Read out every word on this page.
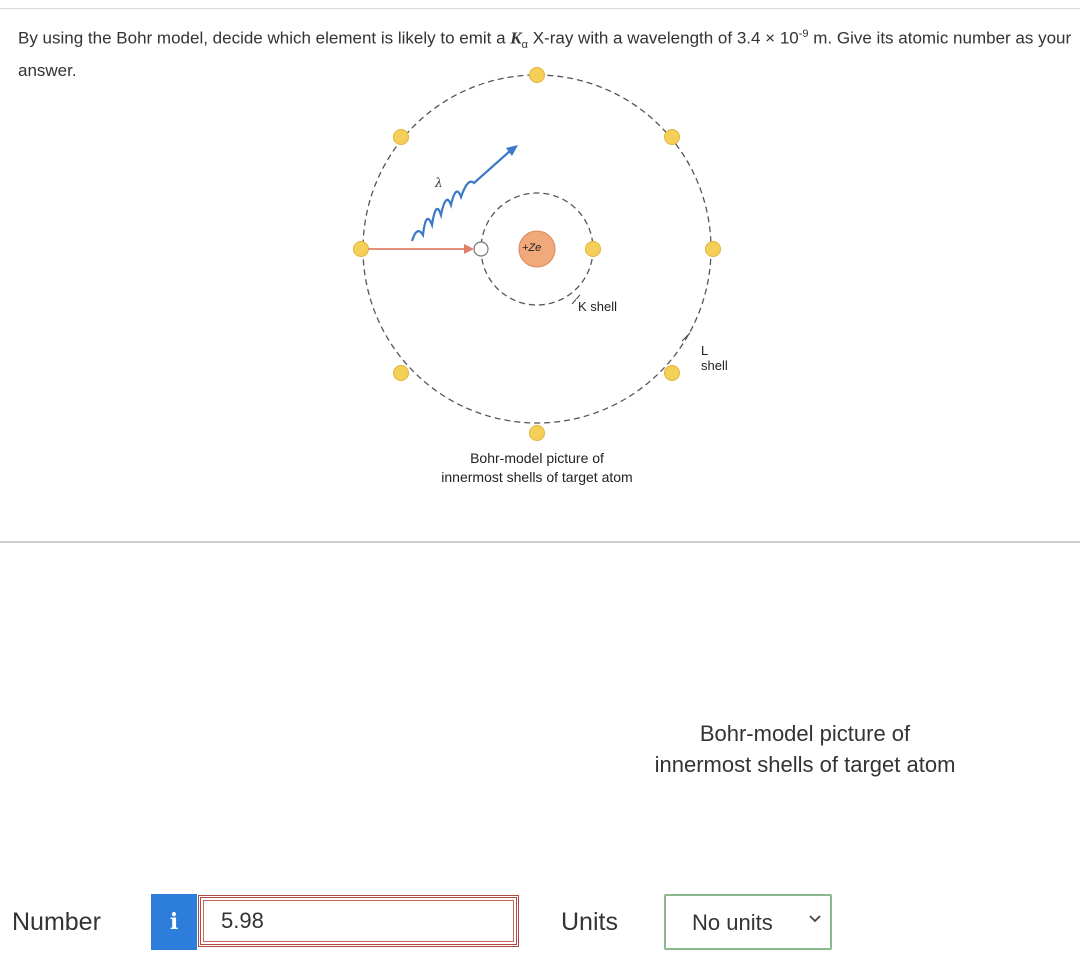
By using the Bohr model, decide which element is likely to emit a $K_\alpha$ X-ray with a wavelength of $3.4 \times 10^{-9}$ m. Give its atomic number as your answer.
+Ze
λ
K shell
L shell
Bohr-model picture of
innermost shells of target atom
Bohr-model picture of
innermost shells of target atom
Number	i
5.98	Units	No units
